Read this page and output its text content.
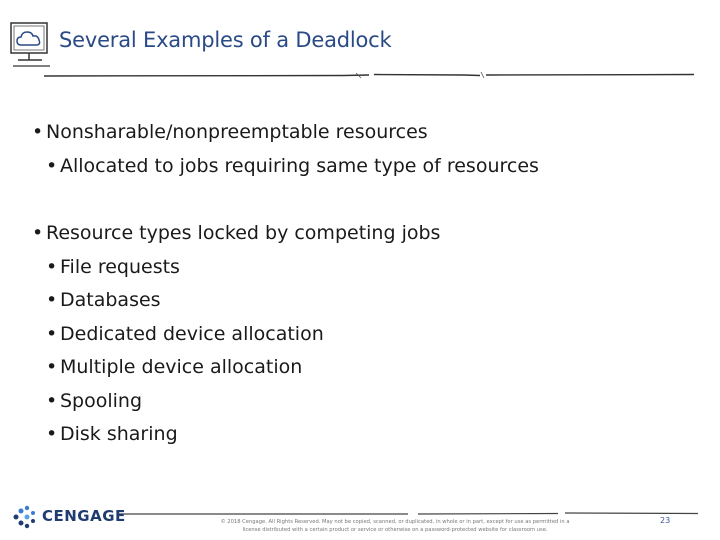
Several Examples of a Deadlock
• Nonsharable/nonpreemptable resources
• Allocated to jobs requiring same type of resources
• Resource types locked by competing jobs
• File requests
• Databases
• Dedicated device allocation
• Multiple device allocation
• Spooling
• Disk sharing
CENGAGE	© 2018 Cengage. All Rights Reserved. May not be copied, scanned, or duplicated, in whole or in part, except for use as permitted in a
license distributed with a certain product or service or otherwise on a password-protected website for classroom use.
23
